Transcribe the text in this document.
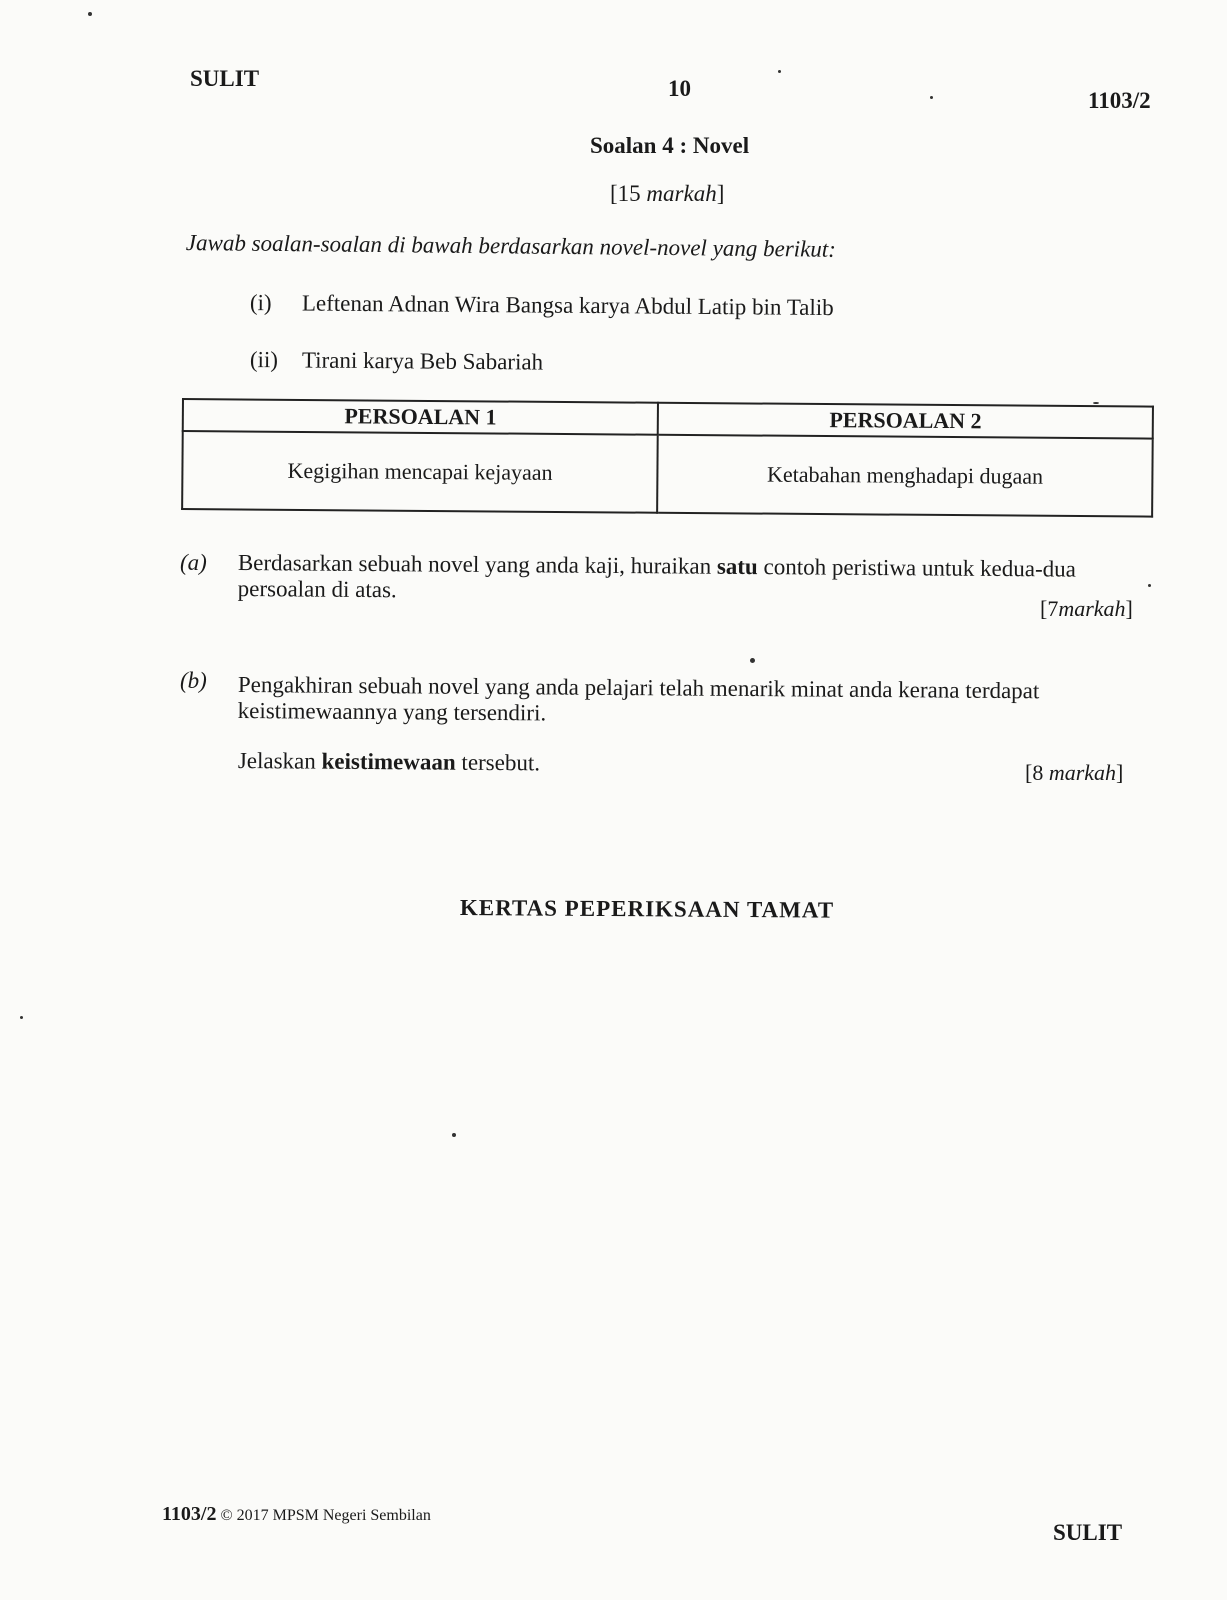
SULIT	10	1103/2
Soalan 4 : Novel
[15 markah]
Jawab soalan-soalan di bawah berdasarkan novel-novel yang berikut:
(i) Leftenan Adnan Wira Bangsa karya Abdul Latip bin Talib
(ii) Tirani karya Beb Sabariah
PERSOALAN 1	PERSOALAN 2
Kegigihan mencapai kejayaan	Ketabahan menghadapi dugaan
(a) Berdasarkan sebuah novel yang anda kaji, huraikan satu contoh peristiwa untuk kedua-dua persoalan di atas.
[7markah]
(b) Pengakhiran sebuah novel yang anda pelajari telah menarik minat anda kerana terdapat keistimewaannya yang tersendiri.
Jelaskan keistimewaan tersebut.	[8 markah]
KERTAS PEPERIKSAAN TAMAT
1103/2 © 2017 MPSM Negeri Sembilan
SULIT
